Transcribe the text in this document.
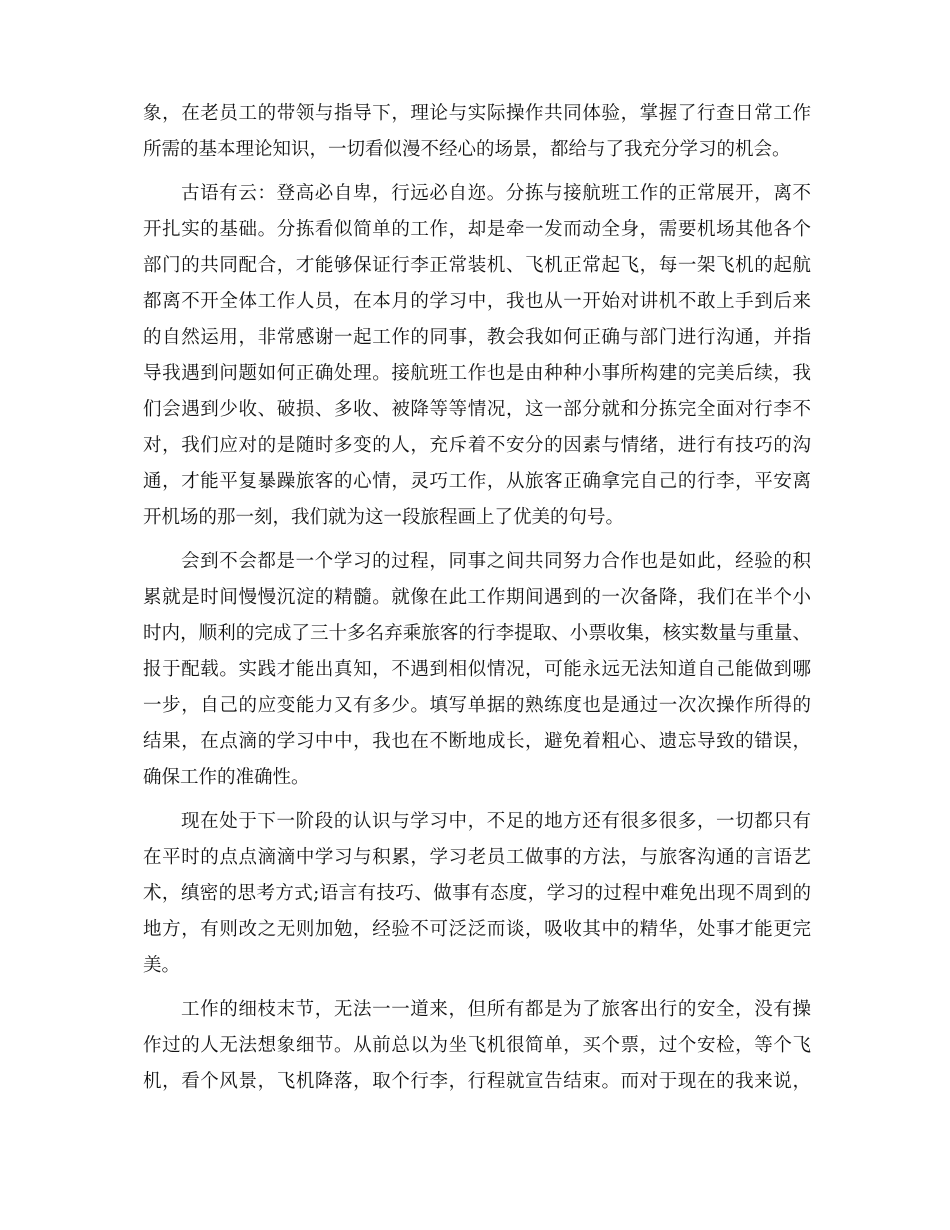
象，在老员工的带领与指导下，理论与实际操作共同体验，掌握了行查日常工作
所需的基本理论知识，一切看似漫不经心的场景，都给与了我充分学习的机会。
古语有云：登高必自卑，行远必自迩。分拣与接航班工作的正常展开，离不
开扎实的基础。分拣看似简单的工作，却是牵一发而动全身，需要机场其他各个
部门的共同配合，才能够保证行李正常装机、飞机正常起飞，每一架飞机的起航
都离不开全体工作人员，在本月的学习中，我也从一开始对讲机不敢上手到后来
的自然运用，非常感谢一起工作的同事，教会我如何正确与部门进行沟通，并指
导我遇到问题如何正确处理。接航班工作也是由种种小事所构建的完美后续，我
们会遇到少收、破损、多收、被降等等情况，这一部分就和分拣完全面对行李不
对，我们应对的是随时多变的人，充斥着不安分的因素与情绪，进行有技巧的沟
通，才能平复暴躁旅客的心情，灵巧工作，从旅客正确拿完自己的行李，平安离
开机场的那一刻，我们就为这一段旅程画上了优美的句号。
会到不会都是一个学习的过程，同事之间共同努力合作也是如此，经验的积
累就是时间慢慢沉淀的精髓。就像在此工作期间遇到的一次备降，我们在半个小
时内，顺利的完成了三十多名弃乘旅客的行李提取、小票收集，核实数量与重量、
报于配载。实践才能出真知，不遇到相似情况，可能永远无法知道自己能做到哪
一步，自己的应变能力又有多少。填写单据的熟练度也是通过一次次操作所得的
结果，在点滴的学习中中，我也在不断地成长，避免着粗心、遗忘导致的错误，
确保工作的准确性。
现在处于下一阶段的认识与学习中，不足的地方还有很多很多，一切都只有
在平时的点点滴滴中学习与积累，学习老员工做事的方法，与旅客沟通的言语艺
术，缜密的思考方式;语言有技巧、做事有态度，学习的过程中难免出现不周到的
地方，有则改之无则加勉，经验不可泛泛而谈，吸收其中的精华，处事才能更完
美。
工作的细枝末节，无法一一道来，但所有都是为了旅客出行的安全，没有操
作过的人无法想象细节。从前总以为坐飞机很简单，买个票，过个安检，等个飞
机，看个风景，飞机降落，取个行李，行程就宣告结束。而对于现在的我来说，
